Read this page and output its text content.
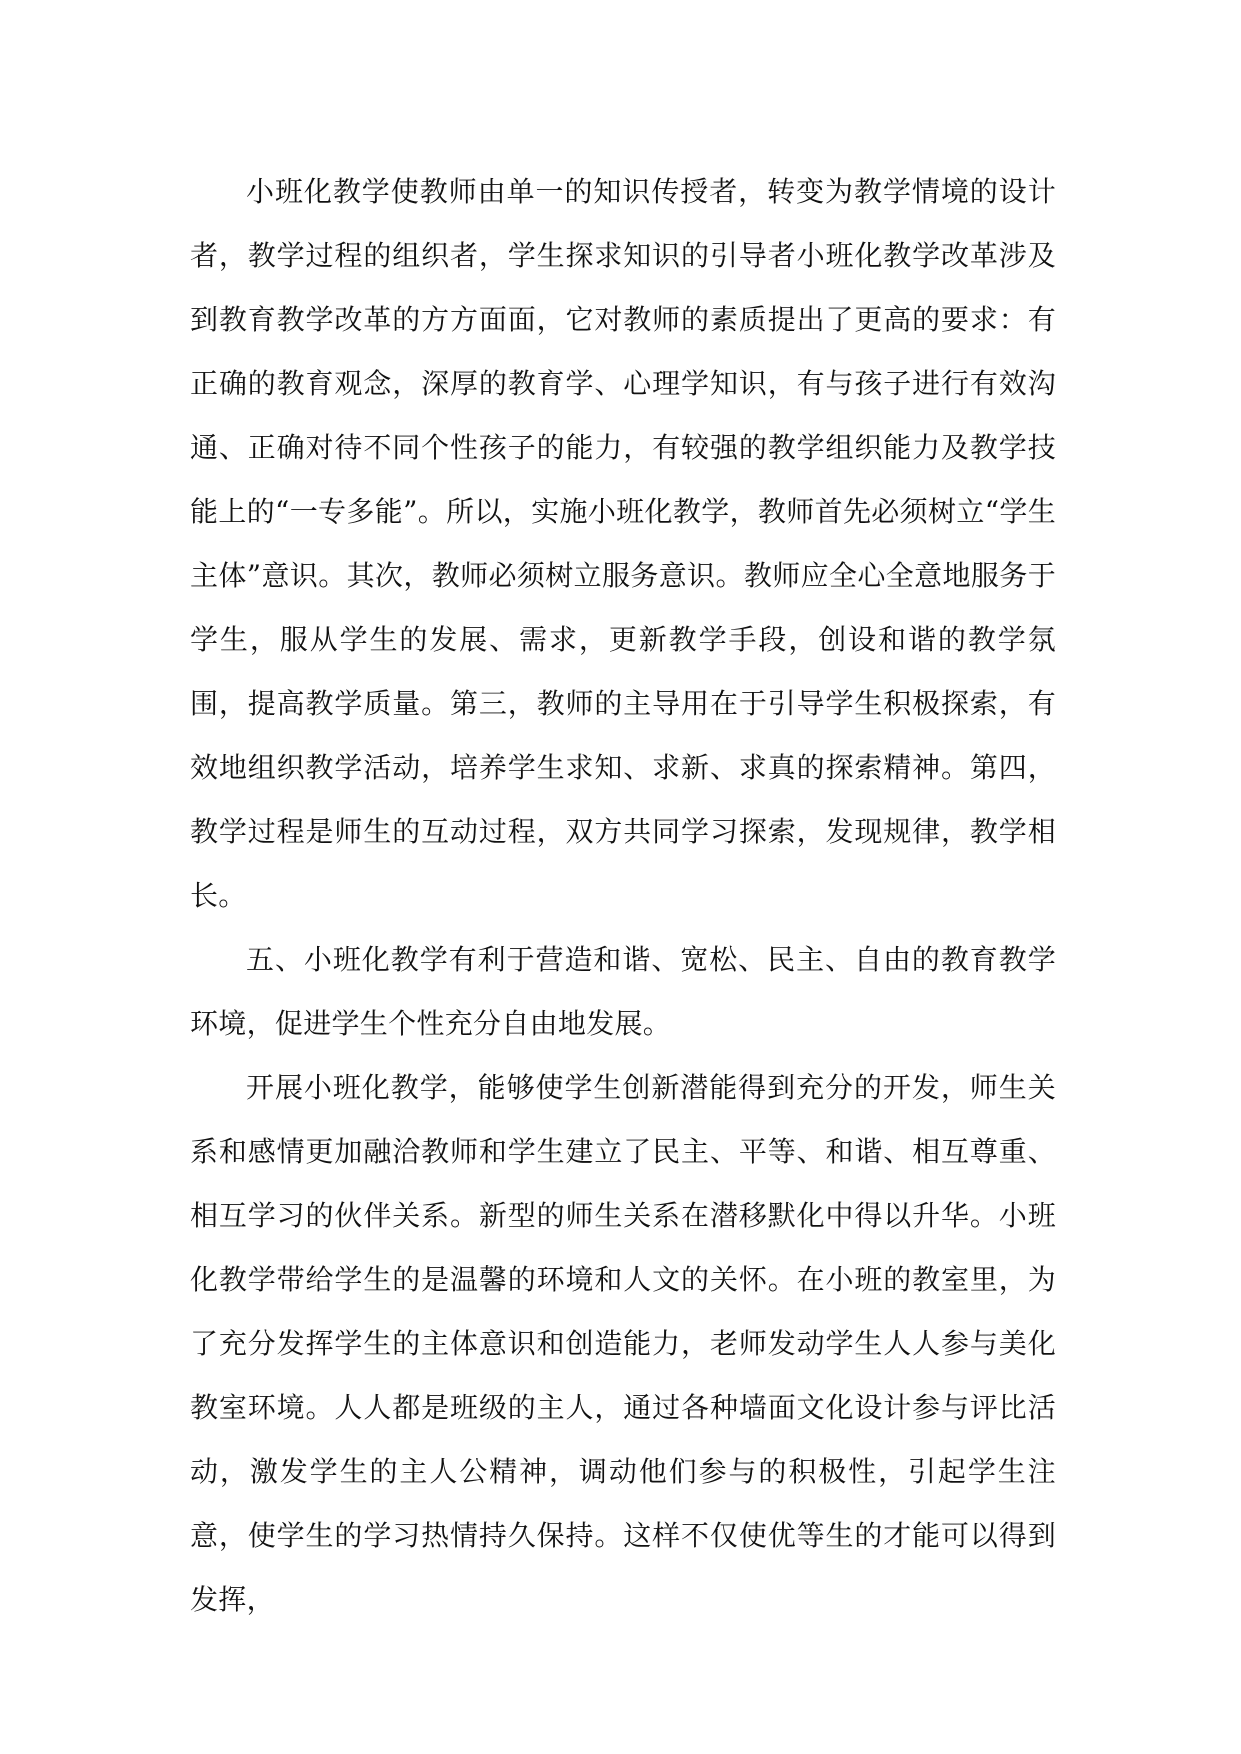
小班化教学使教师由单一的知识传授者，转变为教学情境的设计者，教学过程的组织者，学生探求知识的引导者小班化教学改革涉及到教育教学改革的方方面面，它对教师的素质提出了更高的要求：有正确的教育观念，深厚的教育学、心理学知识，有与孩子进行有效沟通、正确对待不同个性孩子的能力，有较强的教学组织能力及教学技能上的“一专多能”。所以，实施小班化教学，教师首先必须树立“学生主体”意识。其次，教师必须树立服务意识。教师应全心全意地服务于学生，服从学生的发展、需求，更新教学手段，创设和谐的教学氛围，提高教学质量。第三，教师的主导用在于引导学生积极探索，有效地组织教学活动，培养学生求知、求新、求真的探索精神。第四，教学过程是师生的互动过程，双方共同学习探索，发现规律，教学相长。

五、小班化教学有利于营造和谐、宽松、民主、自由的教育教学环境，促进学生个性充分自由地发展。

开展小班化教学，能够使学生创新潜能得到充分的开发，师生关系和感情更加融洽教师和学生建立了民主、平等、和谐、相互尊重、相互学习的伙伴关系。新型的师生关系在潜移默化中得以升华。小班化教学带给学生的是温馨的环境和人文的关怀。在小班的教室里，为了充分发挥学生的主体意识和创造能力，老师发动学生人人参与美化教室环境。人人都是班级的主人，通过各种墙面文化设计参与评比活动，激发学生的主人公精神，调动他们参与的积极性，引起学生注意，使学生的学习热情持久保持。这样不仅使优等生的才能可以得到发挥，
